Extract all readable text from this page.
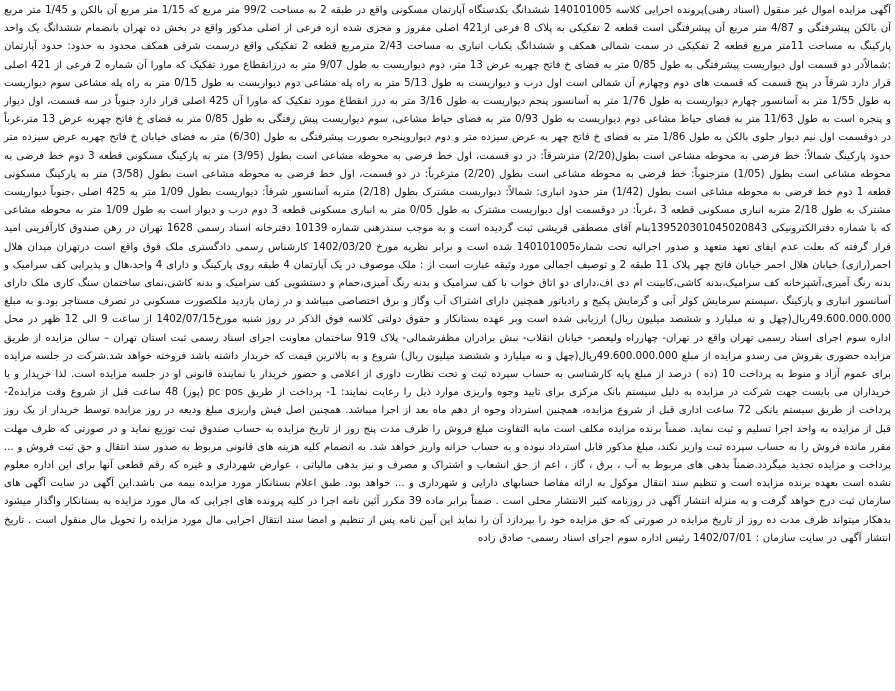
آگهی مزایده اموال غیر منقول (اسناد رهنی)پرونده اجرایی کلاسه 140101005 ششدانگ یکدستگاه آپارتمان مسکونی واقع در طبقه 2 به مساحت 99/2 متر مربع که 1/15 متر مربع آن بالکن و 1/45 متر مربع آن بالکن پیشرفتگی و 4/87 متر مربع آن پیشرفتگی است قطعه 2 تفکیکی به پلاک 8 فرعی از421 اصلی مفروز و مجزی شده ازه فرعی از اصلی مذکور واقع در بخش ده تهران بانضمام ششدانگ یک واحد پارکینگ به مساحت 11متر مربع قطعه 2 تفکیکی در سمت شمالی همکف و ششدانگ یکباب انباری به مساحت 2/43 مترمربع قطعه 2 تفکیکی واقع درسمت شرقی همکف محدود به حدود: حدود آپارتمان :شمالاًدر دو قسمت اول دیواریست پیشرفتگی به طول 0/85 متر به فضای خ فاتح چهربه عرض 13 متر، دوم دیواریست به طول 9/07 متر به درزانقطاع مورد تفکیک که ماورا آن شماره 2 فرعی از 421 اصلی قرار دارد شرقاً در پنج قسمت که قسمت های دوم وچهارم آن شمالی است اول درب و دیواریست به طول 5/13 متر به راه پله مشاعی دوم دیواریست به طول 0/15 متر به راه پله مشاعی سوم دیواریست به طول 1/55 متر به آسانسور چهارم دیواریست به طول 1/76 متر به آسانسور پنجم دیواریست به طول 3/16 متر به درز انقطاع مورد تفکیک که ماورا آن 425 اصلی قرار دارد جنوباً در سه قسمت، اول دیوار و پنجره است به طول 11/63 متر به فضای حیاط مشاعی دوم دیواریست به طول 0/93 متر به فضای حیاط مشاعی، سوم دیواریست پیش رفتگی به طول 0/85 متر به فضای خ فاتح چهربه عرض 13 متر،غرباً در دوقسمت اول نیم دیوار جلوی بالکن به طول 1/86 متر به فضای خ فاتح چهر به عرض سیزده متر و دوم دیواروپنجره بصورت پیشرفتگی به طول (6/30) متر به فضای خیابان خ فاتح چهربه عرض سیزده متر حدود پارکینگ شمالاً: خط فرضی به محوطه مشاعی است بطول(2/20) مترشرقاً: در دو قسمت، اول خط فرضی به محوطه مشاعی است بطول (3/95) متر به پارکینگ مسکونی قطعه 3 دوم خط فرضی به محوطه مشاعی است بطول (1/05) مترجنوباً: خط فرضی به محوطه مشاعی است بطول (2/20) مترغرباً: در دو قسمت، اول خط فرضی به محوطه مشاعی است بطول (3/58) متر به پارکینگ مسکونی قطعه 1 دوم خط فرضی به محوطه مشاعی است بطول (1/42) متر حدود انباری: شمالاً: دیواریست مشترک بطول (2/18) متربه آسانسور شرقاً: دیواریست بطول 1/09 متر به 425 اصلی ،جنوباً دیواریست مشترک به طول 2/18 متربه انباری مسکونی قطعه 3 ،غرباً: در دوقسمت اول دیواریست مشترک به طول 0/05 متر به انباری مسکونی قطعه 3 دوم درب و دیوار است به طول 1/09 متر به محوطه مشاعی که با شماره دفترالکترونیکی 139520301045020843بنام آقای مصطفی قریشی ثبت گردیده است و به موجب سندرهنی شماره 10139 دفترخانه اسناد رسمی 1628 تهران در رهن صندوق کارآفرینی امید قرار گرفته که بعلت عدم ایفای تعهد متعهد و صدور اجرائیه تحت شماره140101005 شده است و برابر نظریه مورخ 1402/03/20 کارشناس رسمی دادگستری ملک فوق واقع است درتهران میدان هلال احمر(رازی) خیابان هلال احمر خیابان فاتح چهر پلاک 11 طبقه 2 و توصیف اجمالی مورد وثیقه عبارت است از : ملک موصوف در یک آپارتمان 4 طبقه روی پارکینگ و دارای 4 واحد،هال و پذیرایی کف سرامیک و بدنه رنگ آمیزی،آشپزخانه کف سرامیک،بدنه کاشی،کابینت ام دی اف،دارای دو اتاق خواب با کف سرامیک و بدنه رنگ آمیزی،حمام و دستشویی کف سرامیک و بدنه کاشی،نمای ساختمان سنگ کاری ملک دارای آسانسور انباری و پارکینگ ،سیستم سرمایش کولر آبی و گرمایش پکیج و رادیاتور همچنین دارای اشتراک آب وگاز و برق اختصاصی میباشد و در زمان بازدید ملکصورت مسکونی در تصرف مستاجر بود.و به مبلغ 49.600.000.000ریال(چهل و نه میلیارد و ششصد میلیون ریال) ارزیابی شده است وبر عهده بستانکار و حقوق دولتی کلاسه فوق الذکر در روز شنبه مورخ1402/07/15 از ساعت 9 الی 12 ظهر در محل اداره سوم اجرای اسناد رسمی تهران واقع در تهران- چهارراه ولیعصر- خیابان انقلاب- نبش برادران مظفرشمالی- پلاک 919 ساختمان معاونت اجرای اسناد رسمی ثبت استان تهران – سالن مزایده از طریق مزایده حضوری بفروش می رسدو مزایده از مبلغ 49.600.000.000ریال(چهل و نه میلیارد و ششصد میلیون ریال) شروع و به بالاترین قیمت که خریدار داشته باشد فروخته خواهد شد.شرکت در جلسه مزایده برای عموم آزاد و منوط به پرداخت 10 (ده ) درصد از مبلغ پایه کارشناسی به حساب سپرده ثبت و تحت نظارت داوری از اعلامی و حضور خریدار یا نماینده قانونی او در جلسه مزایده است. لذا خریدار و یا خریداران می بایست جهت شرکت در مزایده به دلیل سیستم بانک مرکزی برای تایید وجوه واریزی موارد ذیل را رعایت نمایند: 1- پرداخت از طریق pc pos (پوز) 48 ساعت قبل از شروع وقت مزایده2- پرداخت از طریق سیستم بانکی 72 ساعت اداری قبل از شروع مزایده، همچنین استرداد وجوه از دهم ماه بعد از اجرا میباشد. همچنین اصل فیش واریزی مبلغ ودیعه در روز مزایده توسط خریدار از یک روز قبل از مزایده به واحد اجرا تسلیم و ثبت نماید. ضمناً برنده مزایده مکلف است مابه التفاوت مبلغ فروش را ظرف مدت پنج روز از تاریخ مزایده به حساب صندوق ثبت توزیع نماید و در صورتی که ظرف مهلت مقرر مانده فروش را به حساب سپرده ثبت واریز نکند، مبلغ مذکور قابل استرداد نبوده و به حساب خزانه واریز خواهد شد. به انضمام کلیه هزینه های قانونی مربوط به صدور سند انتقال و حق ثبت فروش و ... پرداخت و مزایده تجدید میگردد.ضمناً بدهی های مربوط به آب ، برق ، گاز ، اعم از حق انشعاب و اشتراک و مصرف و نیز بدهی مالیاتی ، عوارض شهرداری و غیره که رقم قطعی آنها برای این اداره معلوم نشده است بعهده برنده مزایده است و تنظیم سند انتقال موکول به ارائه مفاصا حسابهای دارایی و شهرداری و ... خواهد بود. طبق اعلام بستانکار مورد مزایده بیمه می باشد.این آگهی در سایت آگهی های سازمان ثبت درج خواهد گرفت و به منزله انتشار آگهی در روزنامه کثیر الانتشار محلی است . ضمناً برابر ماده 39 مکرر آئین نامه اجرا در کلیه پرونده های اجرایی که مال مورد مزایده به بستانکار واگذار میشود بدهکار میتواند ظرف مدت ده روز از تاریخ مزایده در صورتی که حق مزایده خود را بپردازد آن را نماید این آیین نامه پس از تنظیم و امضا سند انتقال اجرایی مال مورد مزایده را تحویل مال منقول است . تاریخ انتشار آگهی در سایت سازمان : 1402/07/01 رئیس اداره سوم اجرای اسناد رسمی- صادق زاده
